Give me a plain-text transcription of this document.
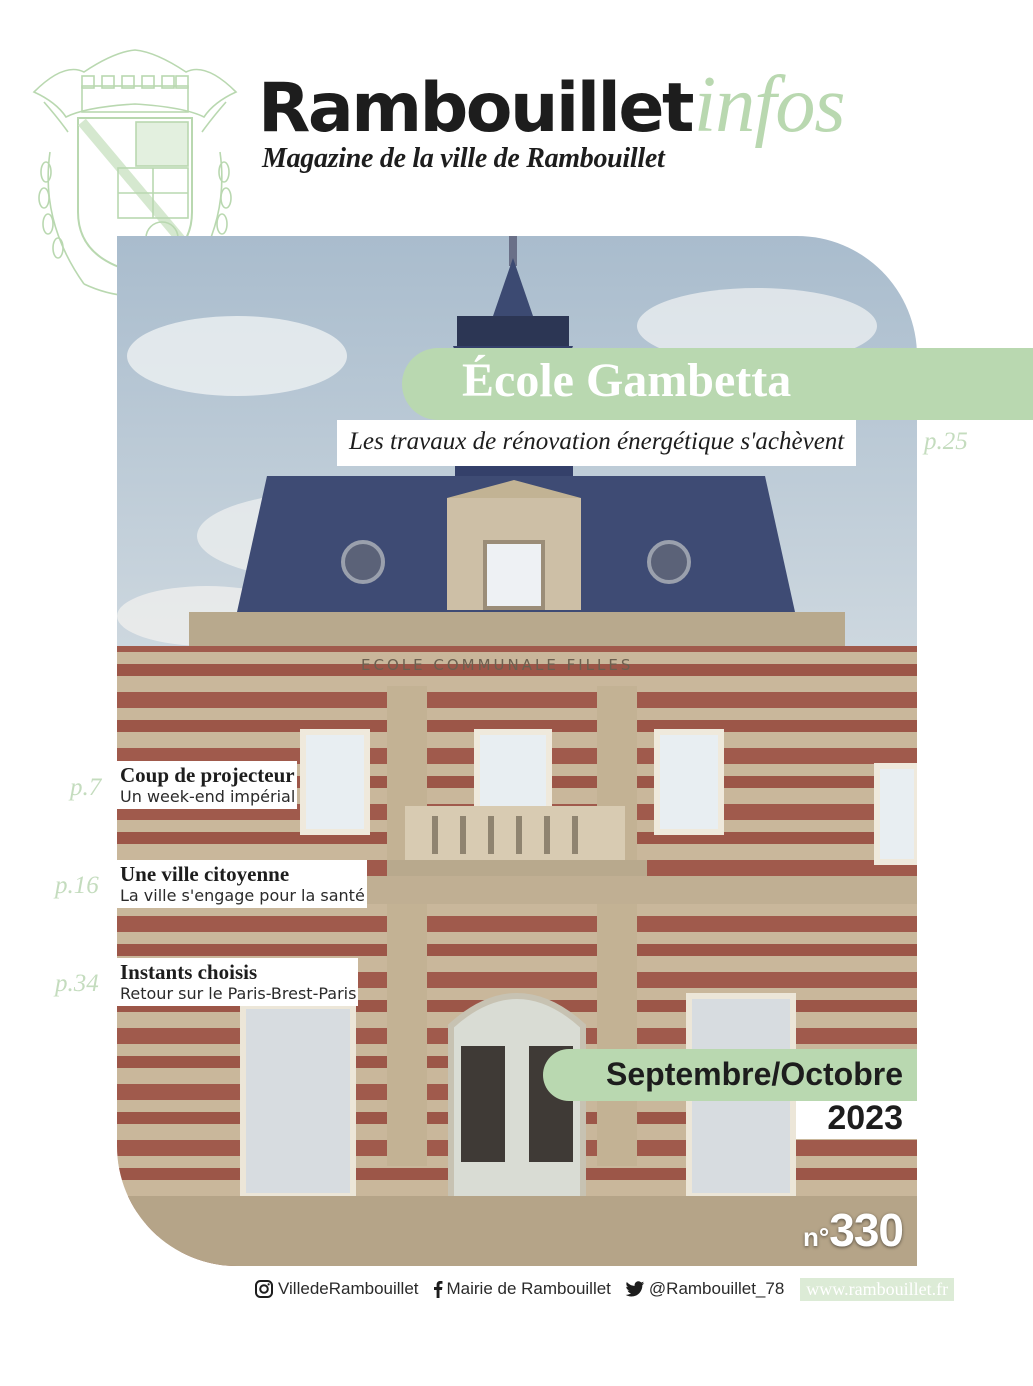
Rambouilletinfos
Magazine de la ville de Rambouillet
ECOLE COMMUNALE FILLES
École Gambetta
Les travaux de rénovation énergétique s'achèvent	p.25
p.7 Coup de projecteur
Un week-end impérial
p.16 Une ville citoyenne
La ville s'engage pour la santé
p.34 Instants choisis
Retour sur le Paris-Brest-Paris
Septembre/Octobre
2023
n°330
VilledeRambouillet Mairie de Rambouillet @Rambouillet_78	www.rambouillet.fr
